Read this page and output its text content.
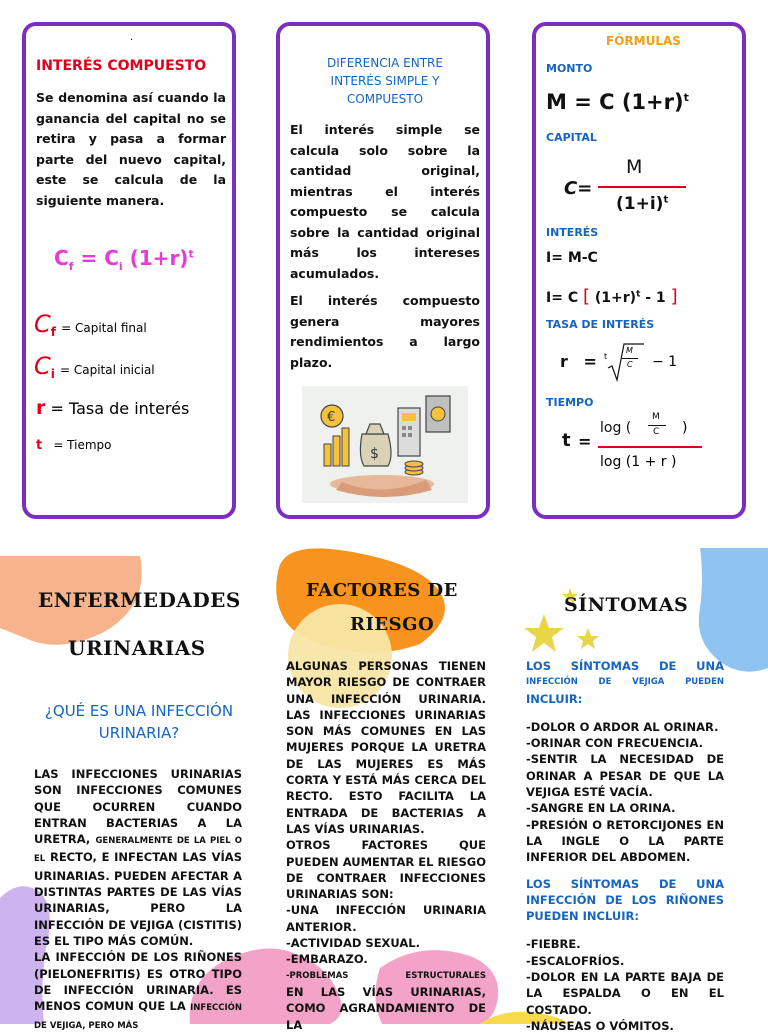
.
INTERÉS COMPUESTO
Se denomina así cuando la ganancia del capital no se retira y pasa a formar parte del nuevo capital, este se calcula de la siguiente manera.
$C_f = C_i$ $(1+r)^t$
$C_f$ = Capital final
$C_i$ = Capital inicial
r = Tasa de interés
t = Tiempo
DIFERENCIA ENTRE INTERÉS SIMPLE Y COMPUESTO
El interés simple se calcula solo sobre la cantidad original, mientras el interés compuesto se calcula sobre la cantidad original más los intereses acumulados.
El interés compuesto genera mayores rendimientos a largo plazo.
€
$
FÓRMULAS
MONTO
M = C $(1+r)^t$
CAPITAL
C=
M
$(1+i)^t$
INTERÉS
I= M-C
I= C [ $(1+r)^t - 1$ ]
TASA DE INTERÉS
r = t
M
C − 1
TIEMPO
t =
log (
M
C )
log (1 + r )
ENFERMEDADES
URINARIAS
¿QUÉ ES UNA INFECCIÓN URINARIA?
LAS INFECCIONES URINARIAS SON INFECCIONES COMUNES QUE OCURREN CUANDO ENTRAN BACTERIAS A LA URETRA, GENERALMENTE DE LA PIEL O EL RECTO, E INFECTAN LAS VÍAS URINARIAS. PUEDEN AFECTAR A DISTINTAS PARTES DE LAS VÍAS URINARIAS, PERO LA INFECCIÓN DE VEJIGA (CISTITIS) ES EL TIPO MÁS COMÚN.
LA INFECCIÓN DE LOS RIÑONES (PIELONEFRITIS) ES OTRO TIPO DE INFECCIÓN URINARIA. ES MENOS COMUN QUE LA INFECCIÓN DE VEJIGA, PERO MÁS
FACTORES DE
RIESGO
ALGUNAS PERSONAS TIENEN MAYOR RIESGO DE CONTRAER UNA INFECCIÓN URINARIA. LAS INFECCIONES URINARIAS SON MÁS COMUNES EN LAS MUJERES PORQUE LA URETRA DE LAS MUJERES ES MÁS CORTA Y ESTÁ MÁS CERCA DEL RECTO. ESTO FACILITA LA ENTRADA DE BACTERIAS A LAS VÍAS URINARIAS.
OTROS FACTORES QUE PUEDEN AUMENTAR EL RIESGO DE CONTRAER INFECCIONES URINARIAS SON:
-UNA INFECCIÓN URINARIA ANTERIOR.
-ACTIVIDAD SEXUAL.
-EMBARAZO.
-PROBLEMAS	ESTRUCTURALES
EN LAS VÍAS URINARIAS, COMO AGRANDAMIENTO DE LA
SÍNTOMAS
LOS SÍNTOMAS DE UNA
INFECCIÓN DE VEJIGA PUEDEN
INCLUIR:
-DOLOR O ARDOR AL ORINAR.
-ORINAR CON FRECUENCIA.
-SENTIR LA NECESIDAD DE ORINAR A PESAR DE QUE LA VEJIGA ESTÉ VACÍA.
-SANGRE EN LA ORINA.
-PRESIÓN O RETORCIJONES EN LA INGLE O LA PARTE INFERIOR DEL ABDOMEN.
LOS SÍNTOMAS DE UNA INFECCIÓN DE LOS RIÑONES PUEDEN INCLUIR:
-FIEBRE.
-ESCALOFRÍOS.
-DOLOR EN LA PARTE BAJA DE LA ESPALDA O EN EL COSTADO.
-NÁUSEAS O VÓMITOS.
